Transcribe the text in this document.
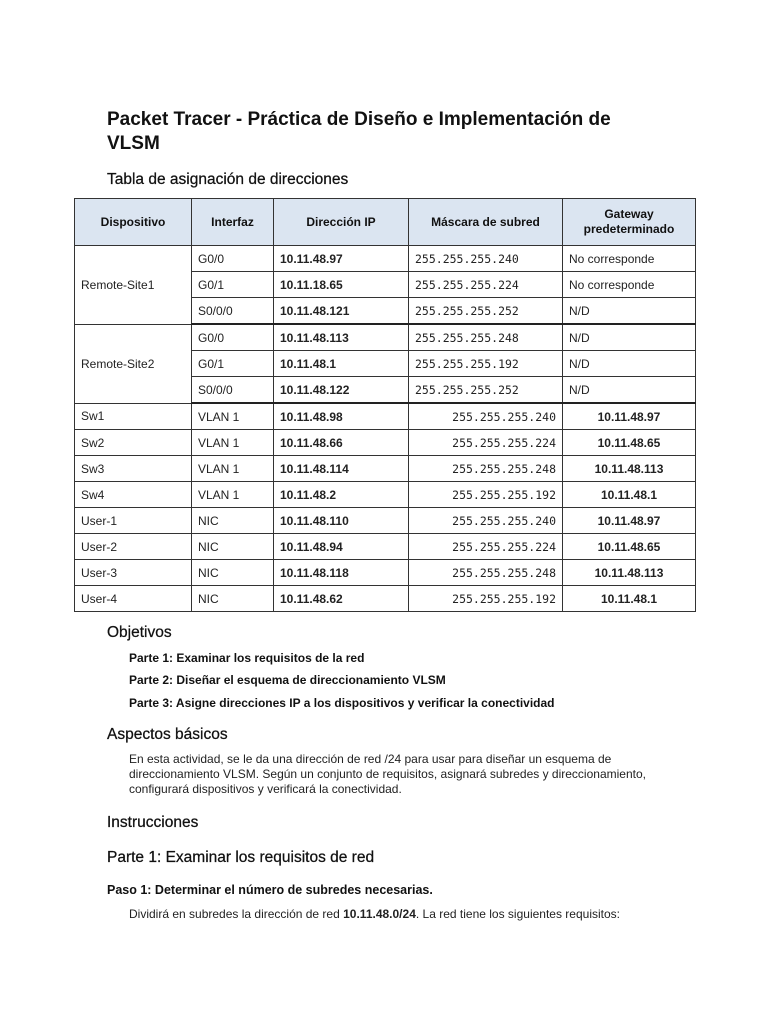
Packet Tracer - Práctica de Diseño e Implementación de VLSM

Tabla de asignación de direcciones

Dispositivo	Interfaz	Dirección IP	Máscara de subred	Gateway predeterminado
Remote-Site1	G0/0	10.11.48.97	255.255.255.240	No corresponde
	G0/1	10.11.18.65	255.255.255.224	No corresponde
	S0/0/0	10.11.48.121	255.255.255.252	N/D
Remote-Site2	G0/0	10.11.48.113	255.255.255.248	N/D
	G0/1	10.11.48.1	255.255.255.192	N/D
	S0/0/0	10.11.48.122	255.255.255.252	N/D
Sw1	VLAN 1	10.11.48.98	255.255.255.240	10.11.48.97
Sw2	VLAN 1	10.11.48.66	255.255.255.224	10.11.48.65
Sw3	VLAN 1	10.11.48.114	255.255.255.248	10.11.48.113
Sw4	VLAN 1	10.11.48.2	255.255.255.192	10.11.48.1
User-1	NIC	10.11.48.110	255.255.255.240	10.11.48.97
User-2	NIC	10.11.48.94	255.255.255.224	10.11.48.65
User-3	NIC	10.11.48.118	255.255.255.248	10.11.48.113
User-4	NIC	10.11.48.62	255.255.255.192	10.11.48.1

Objetivos

Parte 1: Examinar los requisitos de la red

Parte 2: Diseñar el esquema de direccionamiento VLSM

Parte 3: Asigne direcciones IP a los dispositivos y verificar la conectividad

Aspectos básicos

En esta actividad, se le da una dirección de red /24 para usar para diseñar un esquema de direccionamiento VLSM. Según un conjunto de requisitos, asignará subredes y direccionamiento, configurará dispositivos y verificará la conectividad.

Instrucciones

Parte 1: Examinar los requisitos de red

Paso 1: Determinar el número de subredes necesarias.

Dividirá en subredes la dirección de red 10.11.48.0/24. La red tiene los siguientes requisitos:
